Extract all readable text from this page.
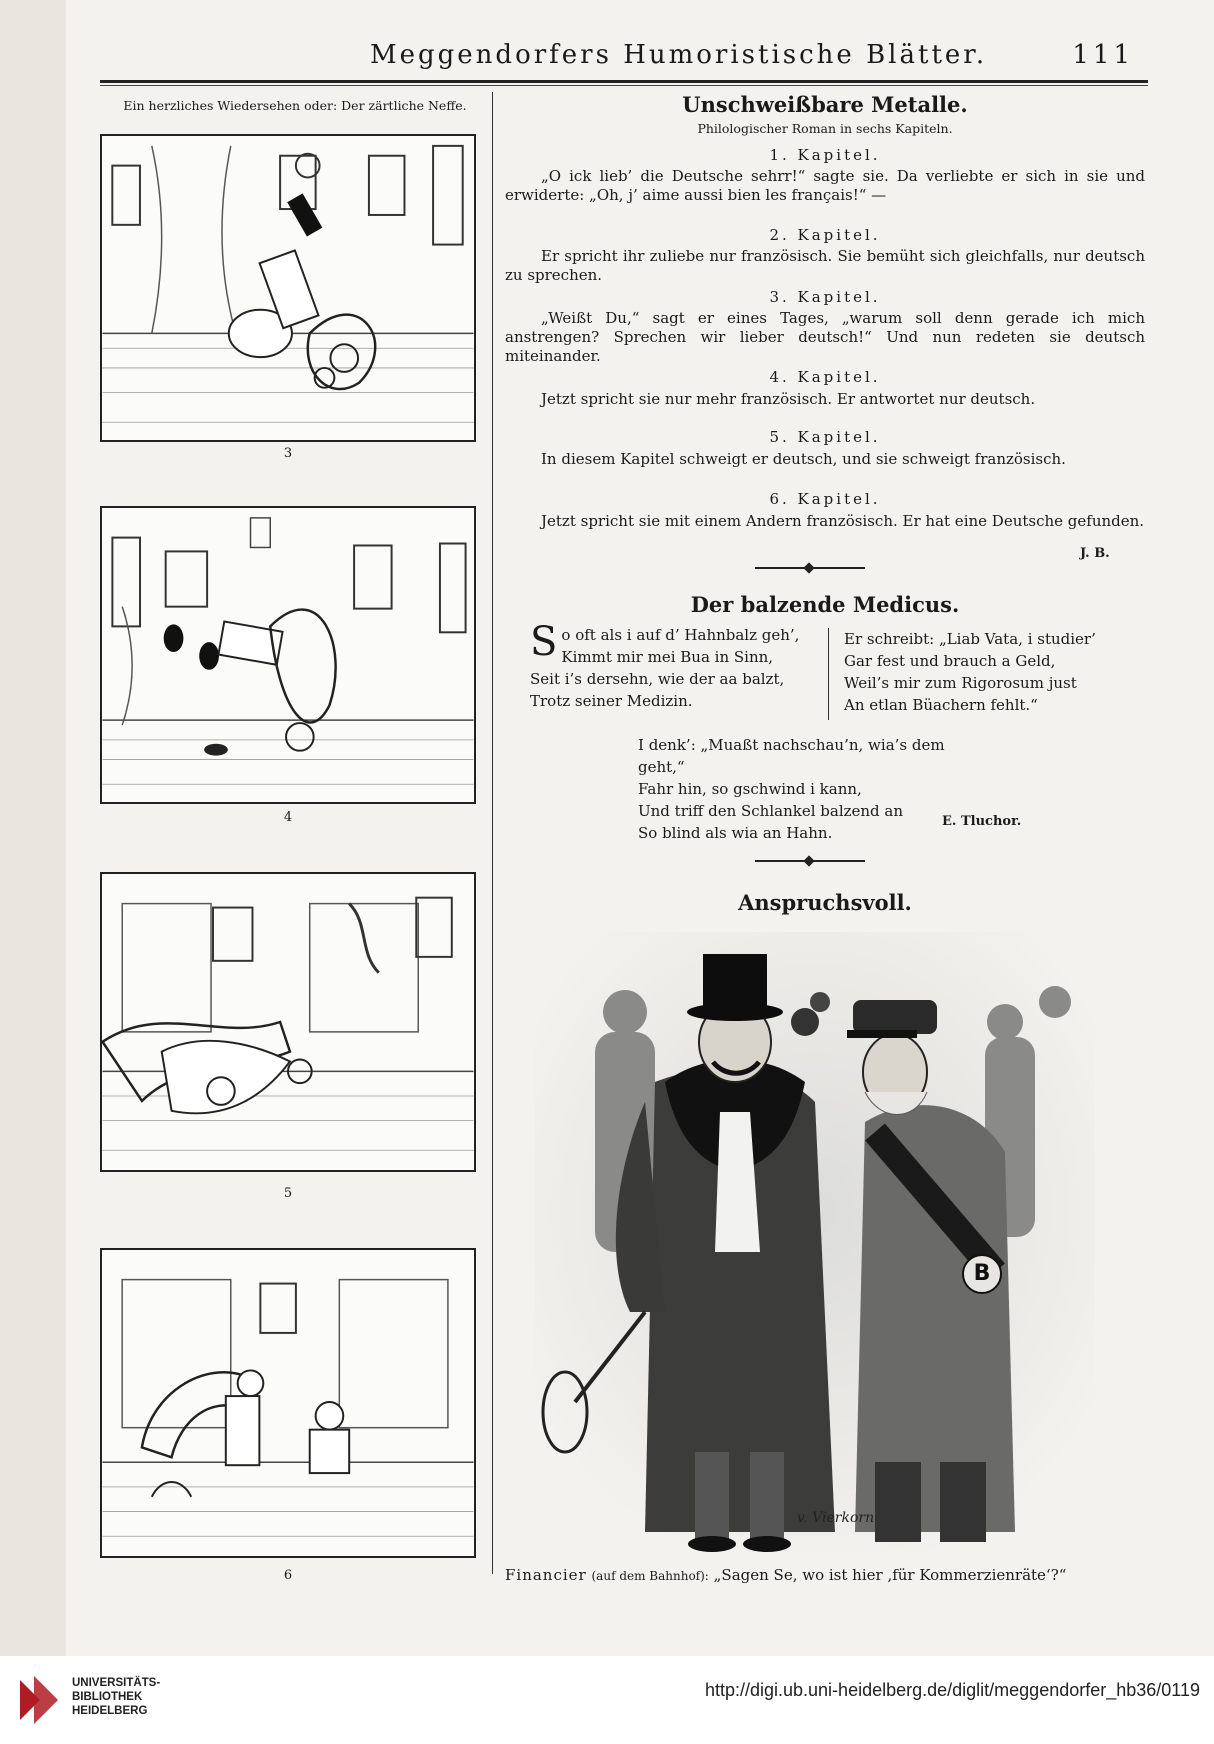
Meggendorfers Humoristische Blätter.	111
Ein herzliches Wiedersehen oder: Der zärtliche Neffe.
3
4
5
6
Unschweißbare Metalle.
Philologischer Roman in sechs Kapiteln.
1. Kapitel.
„O ick lieb’ die Deutsche sehrr!“ sagte sie. Da verliebte er sich in sie und erwiderte: „Oh, j’ aime aussi bien les français!“ —
2. Kapitel.
Er spricht ihr zuliebe nur französisch. Sie bemüht sich gleichfalls, nur deutsch zu sprechen.
3. Kapitel.
„Weißt Du,“ sagt er eines Tages, „warum soll denn gerade ich mich anstrengen? Sprechen wir lieber deutsch!“ Und nun redeten sie deutsch miteinander.
4. Kapitel.
Jetzt spricht sie nur mehr französisch. Er antwortet nur deutsch.
5. Kapitel.
In diesem Kapitel schweigt er deutsch, und sie schweigt französisch.
6. Kapitel.
Jetzt spricht sie mit einem Andern französisch. Er hat eine Deutsche gefunden.
J. B.
Der balzende Medicus.
S o oft als i auf d’ Hahnbalz geh’,
Kimmt mir mei Bua in Sinn,
Seit i’s dersehn, wie der aa balzt,
Trotz seiner Medizin.
Er schreibt: „Liab Vata, i studier’
Gar fest und brauch a Geld,
Weil’s mir zum Rigorosum just
An etlan Büachern fehlt.“
I denk’: „Muaßt nachschau’n, wia’s dem geht,“
Fahr hin, so gschwind i kann,
Und triff den Schlankel balzend an
So blind als wia an Hahn.
E. Tluchor.
Anspruchsvoll.
B
v. Vierkorn
Financier (auf dem Bahnhof): „Sagen Se, wo ist hier ‚für Kommerzienräte‘?“
UNIVERSITÄTS-
BIBLIOTHEK
HEIDELBERG
http://digi.ub.uni-heidelberg.de/diglit/meggendorfer_hb36/0119
